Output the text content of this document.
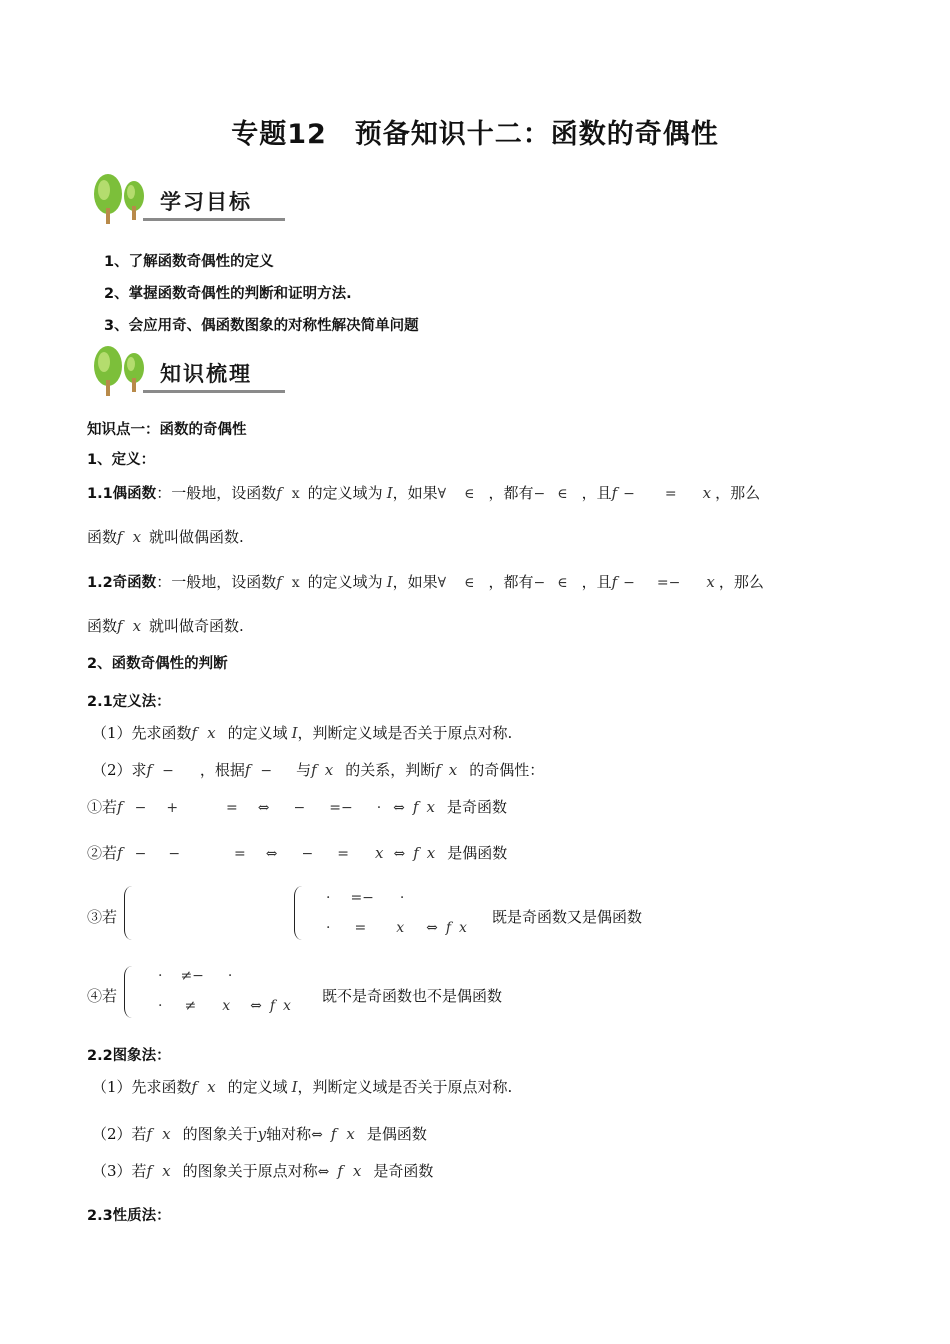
专题12　预备知识十二：函数的奇偶性
学习目标
1、了解函数奇偶性的定义
2、掌握函数奇偶性的判断和证明方法.
3、会应用奇、偶函数图象的对称性解决简单问题
知识梳理
知识点一：函数的奇偶性
1、定义：
1.1偶函数：一般地，设函数f x 的定义域为 I，如果∀ ∈ ，都有− ∈ ，且f − = x ，那么
函数f x 就叫做偶函数.
1.2奇函数：一般地，设函数f x 的定义域为 I，如果∀ ∈ ，都有− ∈ ，且f − =− x ，那么
函数f x 就叫做奇函数.
2、函数奇偶性的判断
2.1定义法：
（1）先求函数f x 的定义域 I，判断定义域是否关于原点对称.
（2）求f − ，根据f − 与f x 的关系，判断f x 的奇偶性：
①若f − +	= ⇔ − =− · ⇔ f x 是奇函数
②若f − −	= ⇔ − = x ⇔ f x 是偶函数
③若
· =− ·
· = x ⇔ f x
既是奇函数又是偶函数
④若
· ≠− ·
· ≠ x ⇔ f x
既不是奇函数也不是偶函数
2.2图象法：
（1）先求函数f x 的定义域 I，判断定义域是否关于原点对称.
（2）若f x 的图象关于y轴对称⇔ f x 是偶函数
（3）若f x 的图象关于原点对称⇔ f x 是奇函数
2.3性质法：
